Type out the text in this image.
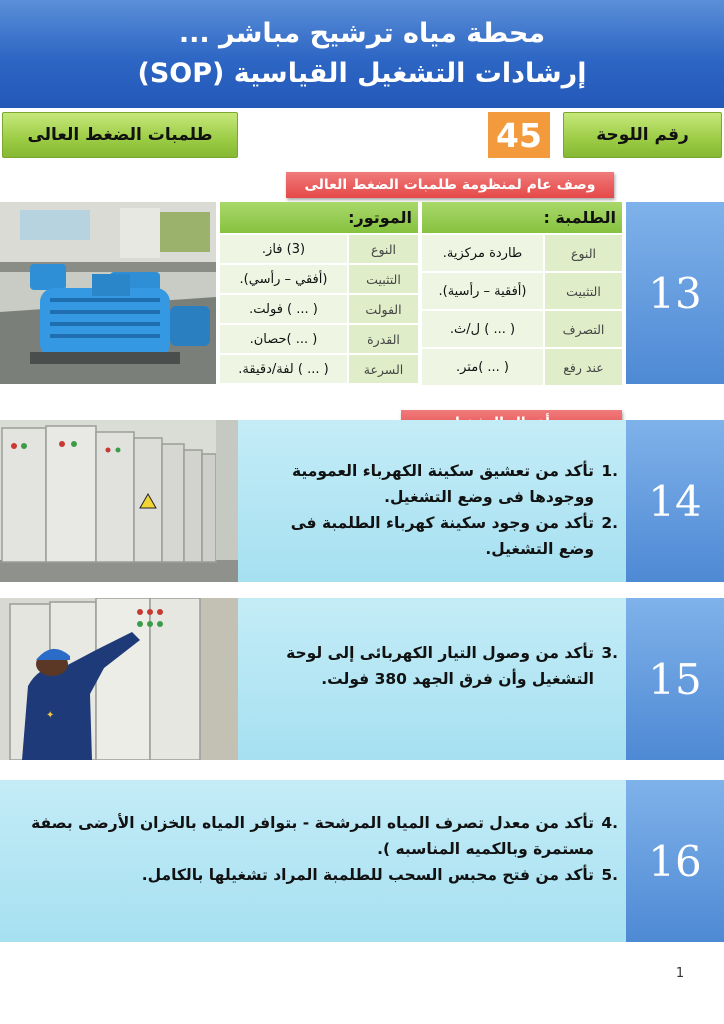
محطة مياه ترشيح مباشر ...
إرشادات التشغيل القياسية (SOP)
رقم اللوحة
45
طلمبات الضغط العالى
وصف عام لمنظومة طلمبات الضغط العالى
الموتور:	
النوع	(3) فاز.
التثبيت	(أفقي – رأسي).
الفولت	( ... ) فولت.
القدرة	( ... )حصان.
السرعة	( ... ) لفة/دقيقة.
الطلمبة :	
النوع	طاردة مركزية.
التثبيت	(أفقية – رأسية).
التصرف	( ... ) ل/ث.
عند رفع	( ... )متر.
13
.1
تأكد من تعشيق سكينة الكهرباء العمومية ووجودها فى وضع التشغيل.
.2
تأكد من وجود سكينة كهرباء الطلمبة فى وضع التشغيل.
14
✦
.3
تأكد من وصول التيار الكهربائى إلى لوحة التشغيل وأن فرق الجهد 380 فولت.	15
.4
تأكد من معدل تصرف المياه المرشحة - بتوافر المياه بالخزان الأرضى بصفة مستمرة وبالكميه المناسبه ).
.5
تأكد من فتح محبس السحب للطلمبة المراد تشغيلها بالكامل.	16
1
